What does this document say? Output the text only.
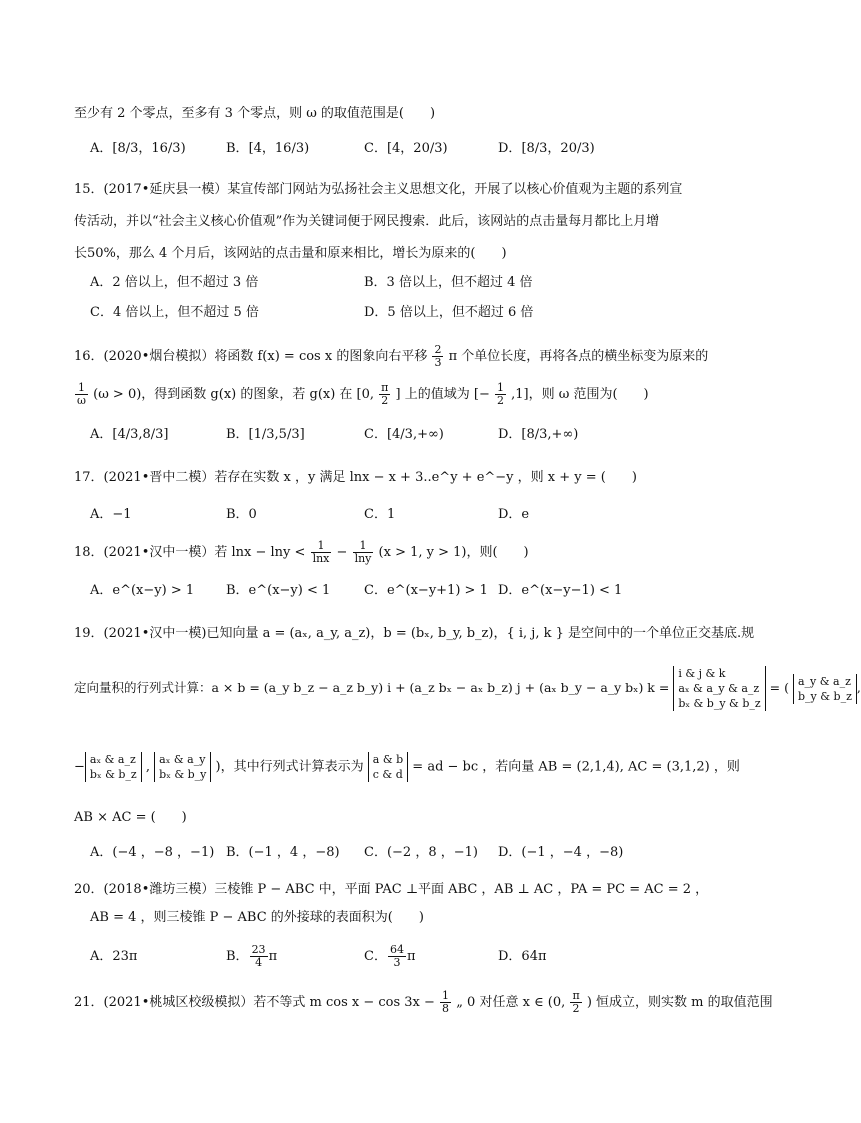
至少有 2 个零点，至多有 3 个零点，则 ω 的取值范围是(　　)
A．[8/3，16/3)	B．[4，16/3)	C．[4，20/3)	D．[8/3，20/3)
15．(2017•延庆县一模）某宣传部门网站为弘扬社会主义思想文化，开展了以核心价值观为主题的系列宣
传活动，并以“社会主义核心价值观”作为关键词便于网民搜索．此后，该网站的点击量每月都比上月增
长50%，那么 4 个月后，该网站的点击量和原来相比，增长为原来的(　　)
A．2 倍以上，但不超过 3 倍	B．3 倍以上，但不超过 4 倍
C．4 倍以上，但不超过 5 倍	D．5 倍以上，但不超过 6 倍
16．(2020•烟台模拟）将函数 f(x) = cos x 的图象向右平移 $\frac{2}{3}$ π 个单位长度，再将各点的横坐标变为原来的
$\frac{1}{\omega} (\omega > 0)$，得到函数 g(x) 的图象，若 g(x) 在 [0, $\frac{\pi}{2}$ ] 上的值域为 [− $\frac{1}{2} ,1$]，则 ω 范围为(　　)
A．[4/3,8/3]	B．[1/3,5/3]	C．[4/3,+∞)	D．[8/3,+∞)
17．(2021•晋中二模）若存在实数 x ，y 满足 lnx − x + 3..e^y + e^−y ，则 x + y = (　　)
A．−1	B．0	C．1	D．e
18．(2021•汉中一模）若 $\ln x - \ln y < \frac{1}{\ln x} - \frac{1}{\ln y} (x > 1$, y > 1)，则(　　)
A．e^(x−y) > 1 B．e^(x−y) < 1	C．e^(x−y+1) > 1 D．e^(x−y−1) < 1
19．(2021•汉中一模)已知向量 a = (aₓ, a_y, a_z)，b = (bₓ, b_y, b_z)，{ i, j, k } 是空间中的一个单位正交基底.规
定向量积的行列式计算：a × b = (a_y b_z − a_z b_y) i + (a_z bₓ − aₓ b_z) j + (aₓ b_y − a_y bₓ) k =
i & j & k
aₓ & a_y & a_z
bₓ & b_y & b_z
= ( a_y & a_z
b_y & b_z
,
− aₓ & a_z
bₓ & b_z , aₓ & a_y
bₓ & b_y )，其中行列式计算表示为 a & b
c & d = ad − bc ，若向量 AB = (2,1,4), AC = (3,1,2) ，则
AB × AC = (　　)
A．(−4 ，−8 ，−1) B．(−1 ，4 ，−8) C．(−2 ，8 ，−1) D．(−1 ，−4 ，−8)
20．(2018•潍坊三模）三棱锥 P − ABC 中，平面 PAC ⊥平面 ABC ，AB ⊥ AC ，PA = PC = AC = 2 ，
AB = 4 ，则三棱锥 P − ABC 的外接球的表面积为(　　)
A．23π	B． $\frac{23}{4}$ π	C． $\frac{64}{3}$ π	D．64π
21．(2021•桃城区校级模拟）若不等式 m $\cos x - \cos 3x - \frac{1}{8}$ „ 0 对任意 x ∈ (0, $\frac{\pi}{2}$ ) 恒成立，则实数 m 的取值范围
